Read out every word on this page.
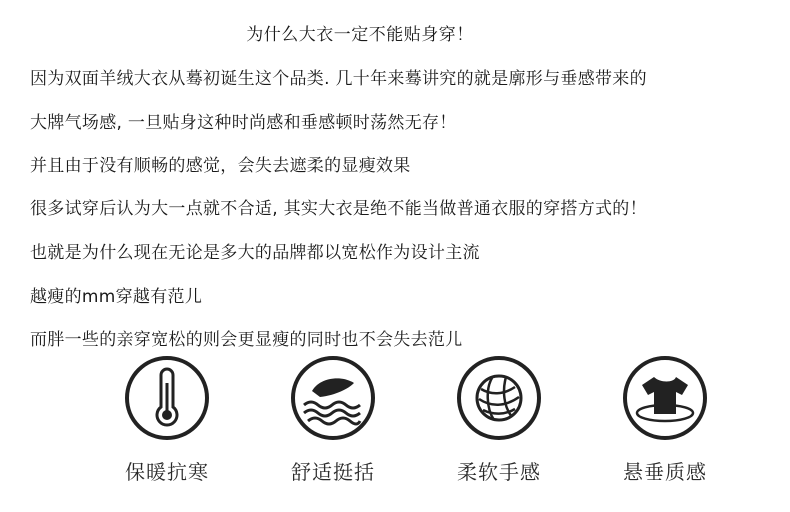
为什么大衣一定不能贴身穿！
因为双面羊绒大衣从蓦初诞生这个品类. 几十年来蓦讲究的就是廓形与垂感带来的
大牌气场感, 一旦贴身这种时尚感和垂感顿时荡然无存！
并且由于没有顺畅的感觉，会失去遮柔的显瘦效果
很多试穿后认为大一点就不合适, 其实大衣是绝不能当做普通衣服的穿搭方式的！
也就是为什么现在无论是多大的品牌都以宽松作为设计主流
越瘦的mm穿越有范儿
而胖一些的亲穿宽松的则会更显瘦的同时也不会失去范儿
保暖抗寒	舒适挺括	柔软手感	悬垂质感
